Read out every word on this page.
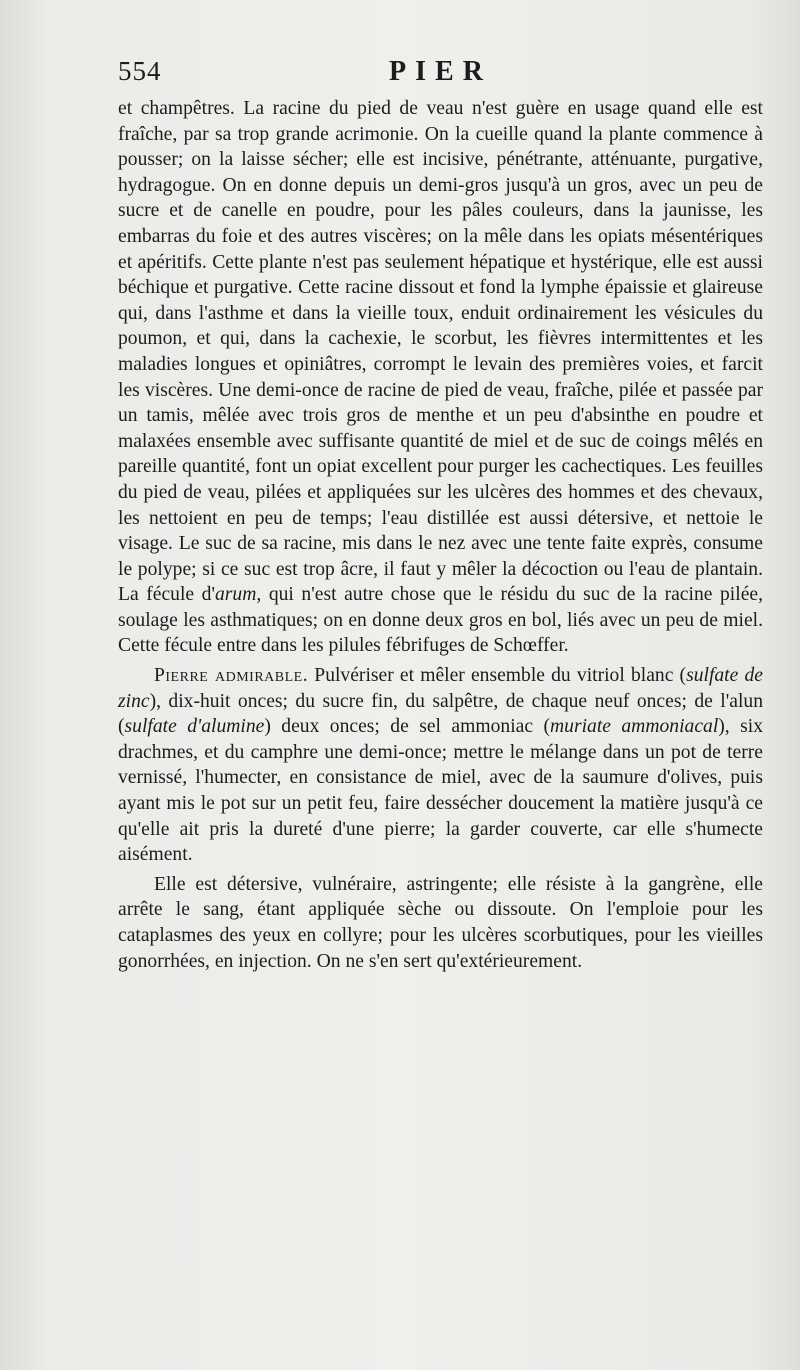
554	PIER

et champêtres. La racine du pied de veau n'est guère en usage quand elle est fraîche, par sa trop grande acrimonie. On la cueille quand la plante commence à pousser; on la laisse sécher; elle est incisive, pénétrante, atténuante, purgative, hydragogue. On en donne depuis un demi-gros jusqu'à un gros, avec un peu de sucre et de canelle en poudre, pour les pâles couleurs, dans la jaunisse, les embarras du foie et des autres viscères; on la mêle dans les opiats mésentériques et apéritifs. Cette plante n'est pas seulement hépatique et hystérique, elle est aussi béchique et purgative. Cette racine dissout et fond la lymphe épaissie et glaireuse qui, dans l'asthme et dans la vieille toux, enduit ordinairement les vésicules du poumon, et qui, dans la cachexie, le scorbut, les fièvres intermittentes et les maladies longues et opiniâtres, corrompt le levain des premières voies, et farcit les viscères. Une demi-once de racine de pied de veau, fraîche, pilée et passée par un tamis, mêlée avec trois gros de menthe et un peu d'absinthe en poudre et malaxées ensemble avec suffisante quantité de miel et de suc de coings mêlés en pareille quantité, font un opiat excellent pour purger les cachectiques. Les feuilles du pied de veau, pilées et appliquées sur les ulcères des hommes et des chevaux, les nettoient en peu de temps; l'eau distillée est aussi détersive, et nettoie le visage. Le suc de sa racine, mis dans le nez avec une tente faite exprès, consume le polype; si ce suc est trop âcre, il faut y mêler la décoction ou l'eau de plantain. La fécule d'arum, qui n'est autre chose que le résidu du suc de la racine pilée, soulage les asthmatiques; on en donne deux gros en bol, liés avec un peu de miel. Cette fécule entre dans les pilules fébrifuges de Schœffer.

Pierre admirable. Pulvériser et mêler ensemble du vitriol blanc (sulfate de zinc), dix-huit onces; du sucre fin, du salpêtre, de chaque neuf onces; de l'alun (sulfate d'alumine) deux onces; de sel ammoniac (muriate ammoniacal), six drachmes, et du camphre une demi-once; mettre le mélange dans un pot de terre vernissé, l'humecter, en consistance de miel, avec de la saumure d'olives, puis ayant mis le pot sur un petit feu, faire dessécher doucement la matière jusqu'à ce qu'elle ait pris la dureté d'une pierre; la garder couverte, car elle s'humecte aisément.

Elle est détersive, vulnéraire, astringente; elle résiste à la gangrène, elle arrête le sang, étant appliquée sèche ou dissoute. On l'emploie pour les cataplasmes des yeux en collyre; pour les ulcères scorbutiques, pour les vieilles gonorrhées, en injection. On ne s'en sert qu'extérieurement.
